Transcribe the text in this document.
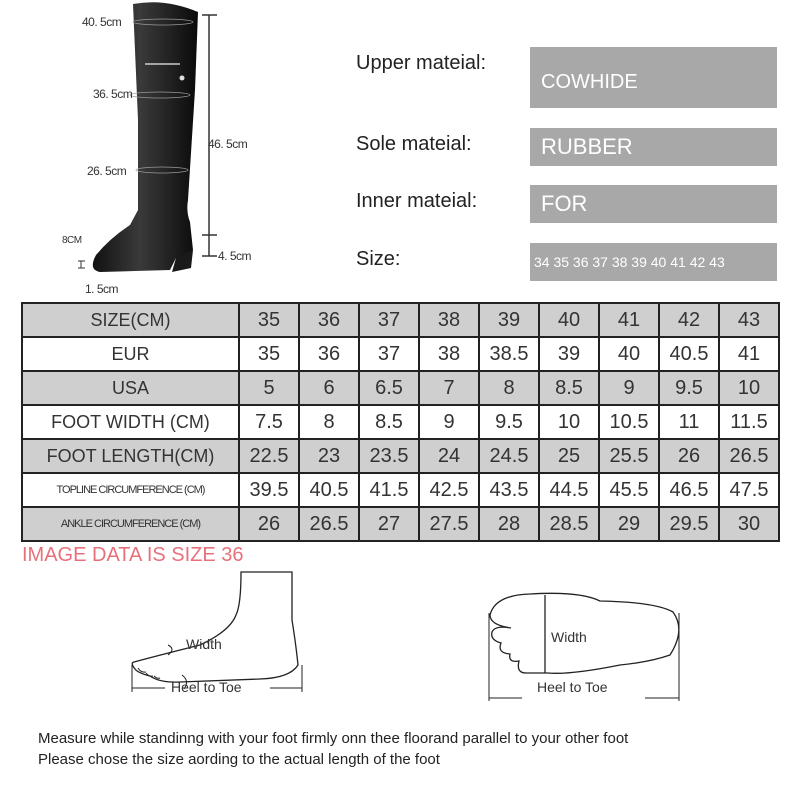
40. 5cm
36. 5cm
46. 5cm
26. 5cm
8CM
4. 5cm
1. 5cm
Upper mateial:
COWHIDE
Sole mateial:	RUBBER
Inner mateial:	FOR
Size:	34 35 36 37 38 39 40 41 42 43
SIZE(CM)	35	36	37	38	39	40	41	42	43
EUR	35	36	37	38	38.5	39	40	40.5	41
USA	5	6	6.5	7	8	8.5	9	9.5	10
FOOT WIDTH (CM)	7.5	8	8.5	9	9.5	10	10.5	11	11.5
FOOT LENGTH(CM)	22.5	23	23.5	24	24.5	25	25.5	26	26.5
TOPLINE CIRCUMFERENCE (CM)	39.5	40.5	41.5	42.5	43.5	44.5	45.5	46.5	47.5
ANKLE CIRCUMFERENCE (CM)	26	26.5	27	27.5	28	28.5	29	29.5	30
IMAGE DATA IS SIZE 36
Width
Heel to Toe
Width
Heel to Toe
Measure while standinng with your foot firmly onn thee floorand parallel to your other foot
Please chose the size aording to the actual length of the foot
